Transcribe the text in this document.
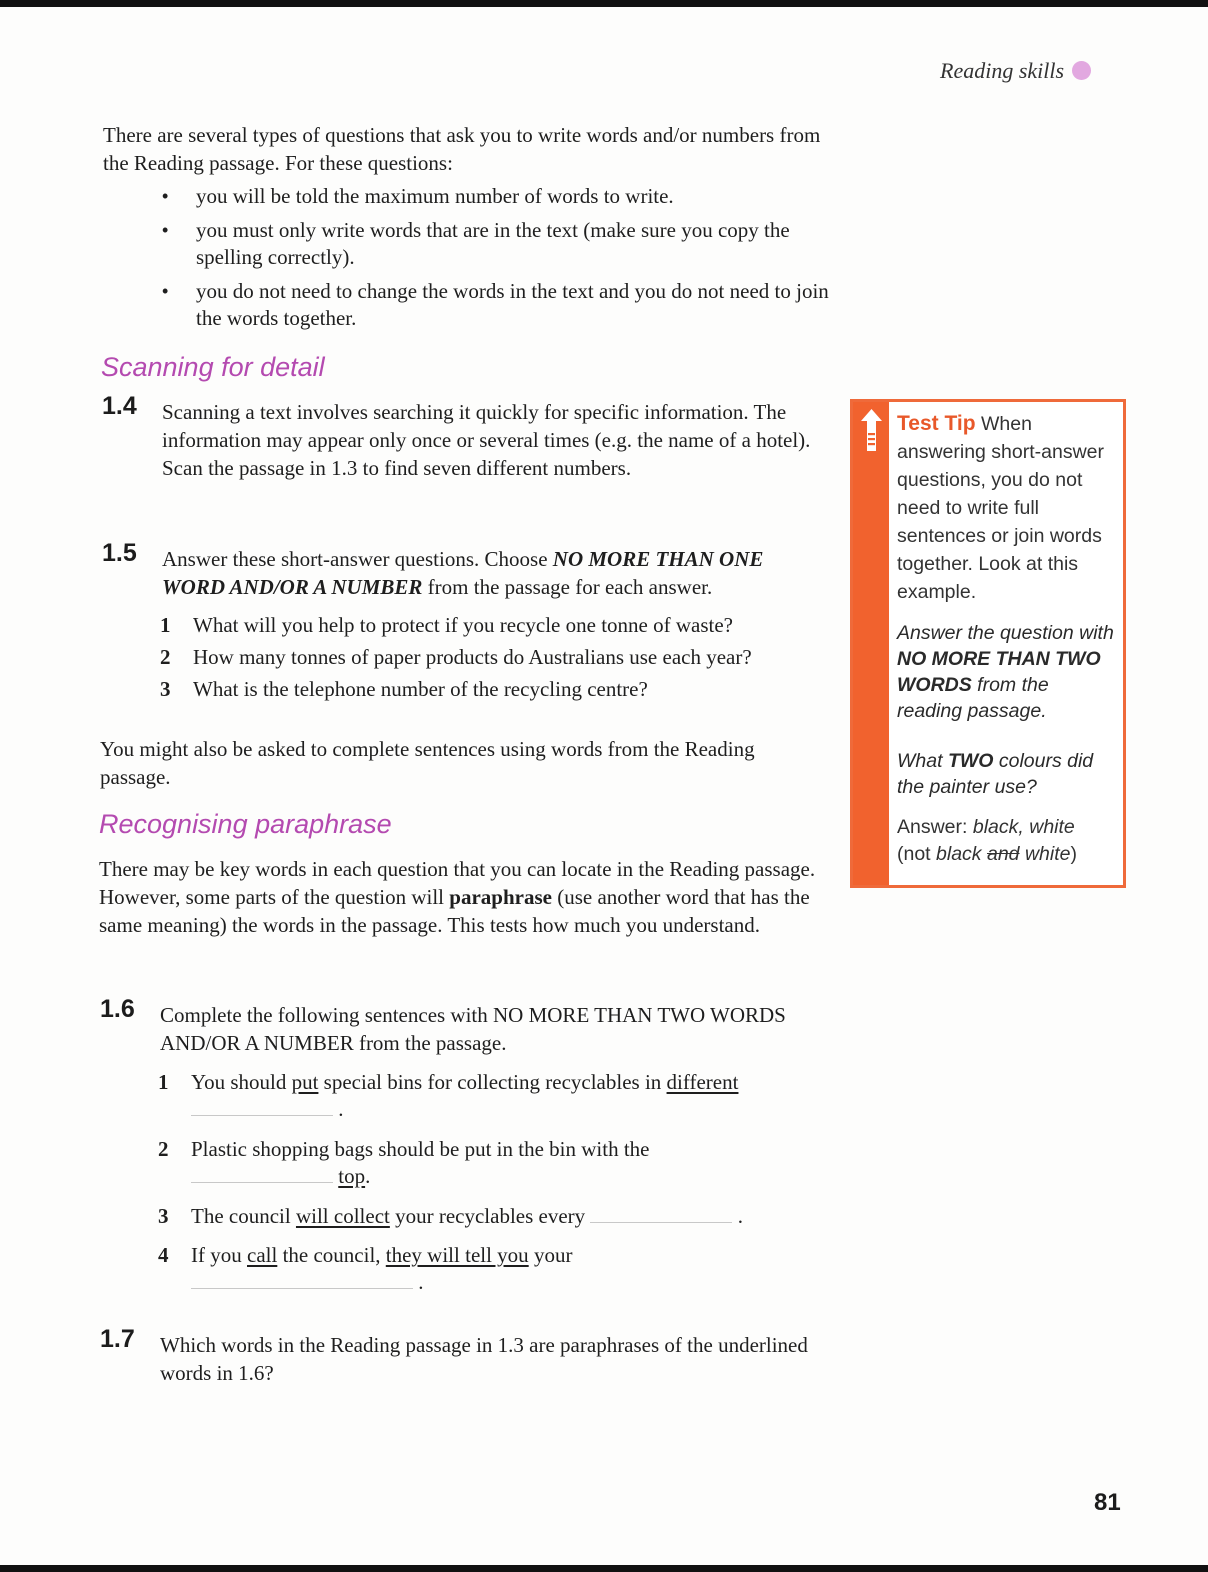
Reading skills
There are several types of questions that ask you to write words and/or numbers from the Reading passage. For these questions:
• you will be told the maximum number of words to write.
• you must only write words that are in the text (make sure you copy the spelling correctly).
• you do not need to change the words in the text and you do not need to join the words together.
Scanning for detail
1.4 Scanning a text involves searching it quickly for specific information. The information may appear only once or several times (e.g. the name of a hotel). Scan the passage in 1.3 to find seven different numbers.
1.5 Answer these short-answer questions. Choose NO MORE THAN ONE WORD AND/OR A NUMBER from the passage for each answer.
1 What will you help to protect if you recycle one tonne of waste?
2 How many tonnes of paper products do Australians use each year?
3 What is the telephone number of the recycling centre?
You might also be asked to complete sentences using words from the Reading passage.
Recognising paraphrase
There may be key words in each question that you can locate in the Reading passage. However, some parts of the question will paraphrase (use another word that has the same meaning) the words in the passage. This tests how much you understand.
1.6 Complete the following sentences with NO MORE THAN TWO WORDS AND/OR A NUMBER from the passage.
1 You should put special bins for collecting recyclables in different
.
2 Plastic shopping bags should be put in the bin with the
top.
3 The council will collect your recyclables every	.
4 If you call the council, they will tell you your
.
1.7 Which words in the Reading passage in 1.3 are paraphrases of the underlined words in 1.6?

Test Tip When answering short-answer questions, you do not need to write full sentences or join words together. Look at this example.

Answer the question with NO MORE THAN TWO WORDS from the reading passage.

What TWO colours did the painter use?

Answer: black, white
(not black and white)

81
